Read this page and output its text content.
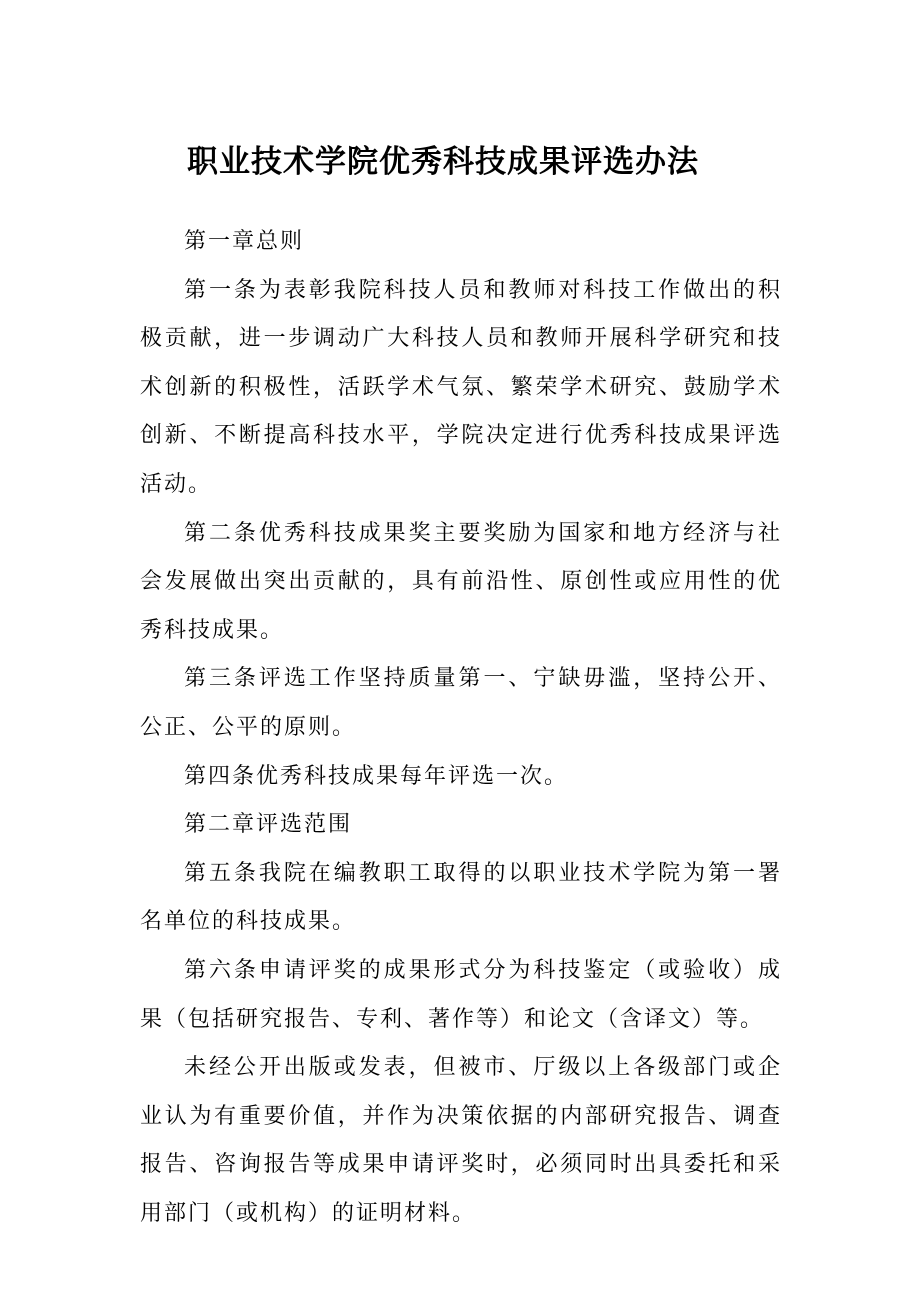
职业技术学院优秀科技成果评选办法

第一章总则

第一条为表彰我院科技人员和教师对科技工作做出的积极贡献，进一步调动广大科技人员和教师开展科学研究和技术创新的积极性，活跃学术气氛、繁荣学术研究、鼓励学术创新、不断提高科技水平，学院决定进行优秀科技成果评选活动。

第二条优秀科技成果奖主要奖励为国家和地方经济与社会发展做出突出贡献的，具有前沿性、原创性或应用性的优秀科技成果。

第三条评选工作坚持质量第一、宁缺毋滥，坚持公开、公正、公平的原则。

第四条优秀科技成果每年评选一次。

第二章评选范围

第五条我院在编教职工取得的以职业技术学院为第一署名单位的科技成果。

第六条申请评奖的成果形式分为科技鉴定（或验收）成果（包括研究报告、专利、著作等）和论文（含译文）等。

未经公开出版或发表，但被市、厅级以上各级部门或企业认为有重要价值，并作为决策依据的内部研究报告、调查报告、咨询报告等成果申请评奖时，必须同时出具委托和采用部门（或机构）的证明材料。
